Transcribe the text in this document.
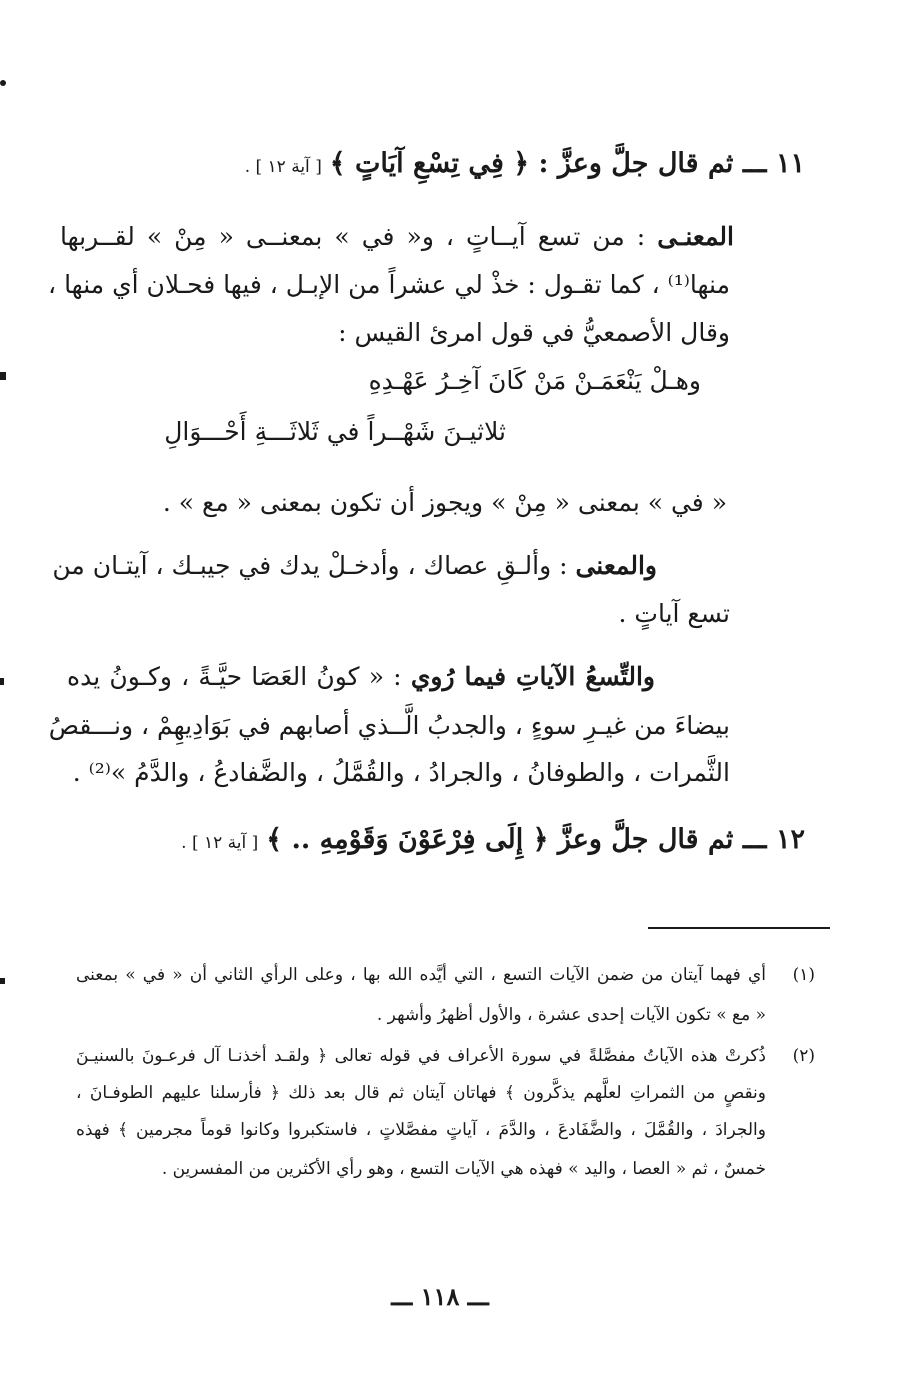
١١ ـــ ثم قال جلَّ وعزَّ : ﴿ فِي تِسْعِ آيَاتٍ ﴾ [ آية ١٢ ] .
المعنـى : من تسع آيــاتٍ ، و« في » بمعنــى « مِنْ » لقــربها
منها⁽¹⁾ ، كما تقـول : خذْ لي عشراً من الإبـل ، فيها فحـلان أي منها ،
وقال الأصمعيُّ في قول امرئ القيس :
وهـلْ يَنْعَمَـنْ مَنْ كَانَ آخِـرُ عَهْـدِهِ
ثلاثيـنَ شَهْــراً في ثَلاثَـــةِ أَحْـــوَالِ
« في » بمعنى « مِنْ » ويجوز أن تكون بمعنى « مع » .
والمعنى : وألـقِ عصاك ، وأدخـلْ يدك في جيبـك ، آيتـان من
تسع آياتٍ .
والتِّسعُ الآياتِ فيما رُوي : « كونُ العَصَا حيَّـةً ، وكـونُ يده
بيضاءَ من غيـرِ سوءٍ ، والجدبُ الَّــذي أصابهم في بَوَادِيهِمْ ، ونـــقصُ
الثَّمرات ، والطوفانُ ، والجرادُ ، والقُمَّلُ ، والضَّفادعُ ، والدَّمُ »⁽²⁾ .
١٢ ـــ ثم قال جلَّ وعزَّ ﴿ إِلَى فِرْعَوْنَ وَقَوْمِهِ .. ﴾ [ آية ١٢ ] .
(١)
أي فهما آيتان من ضمن الآيات التسع ، التي أيَّده الله بها ، وعلى الرأي الثاني أن « في » بمعنى
« مع » تكون الآيات إحدى عشرة ، والأول أظهرُ وأشهر .
(٢)
ذُكرتْ هذه الآياتُ مفصَّلةً في سورة الأعراف في قوله تعالى ﴿ ولقـد أخذنـا آل فرعـونَ بالسنيـنَ
ونقصٍ من الثمراتِ لعلَّهم يذكَّرون ﴾ فهاتان آيتان ثم قال بعد ذلك ﴿ فأرسلنا عليهم الطوفـانَ ،
والجرادَ ، والقُمَّلَ ، والضَّفَادعَ ، والدَّمَ ، آياتٍ مفصَّلاتٍ ، فاستكبروا وكانوا قوماً مجرمين ﴾ فهذه
خمسٌ ، ثم « العصا ، واليد » فهذه هي الآيات التسع ، وهو رأي الأكثرين من المفسرين .
ـــ ١١٨ ـــ
